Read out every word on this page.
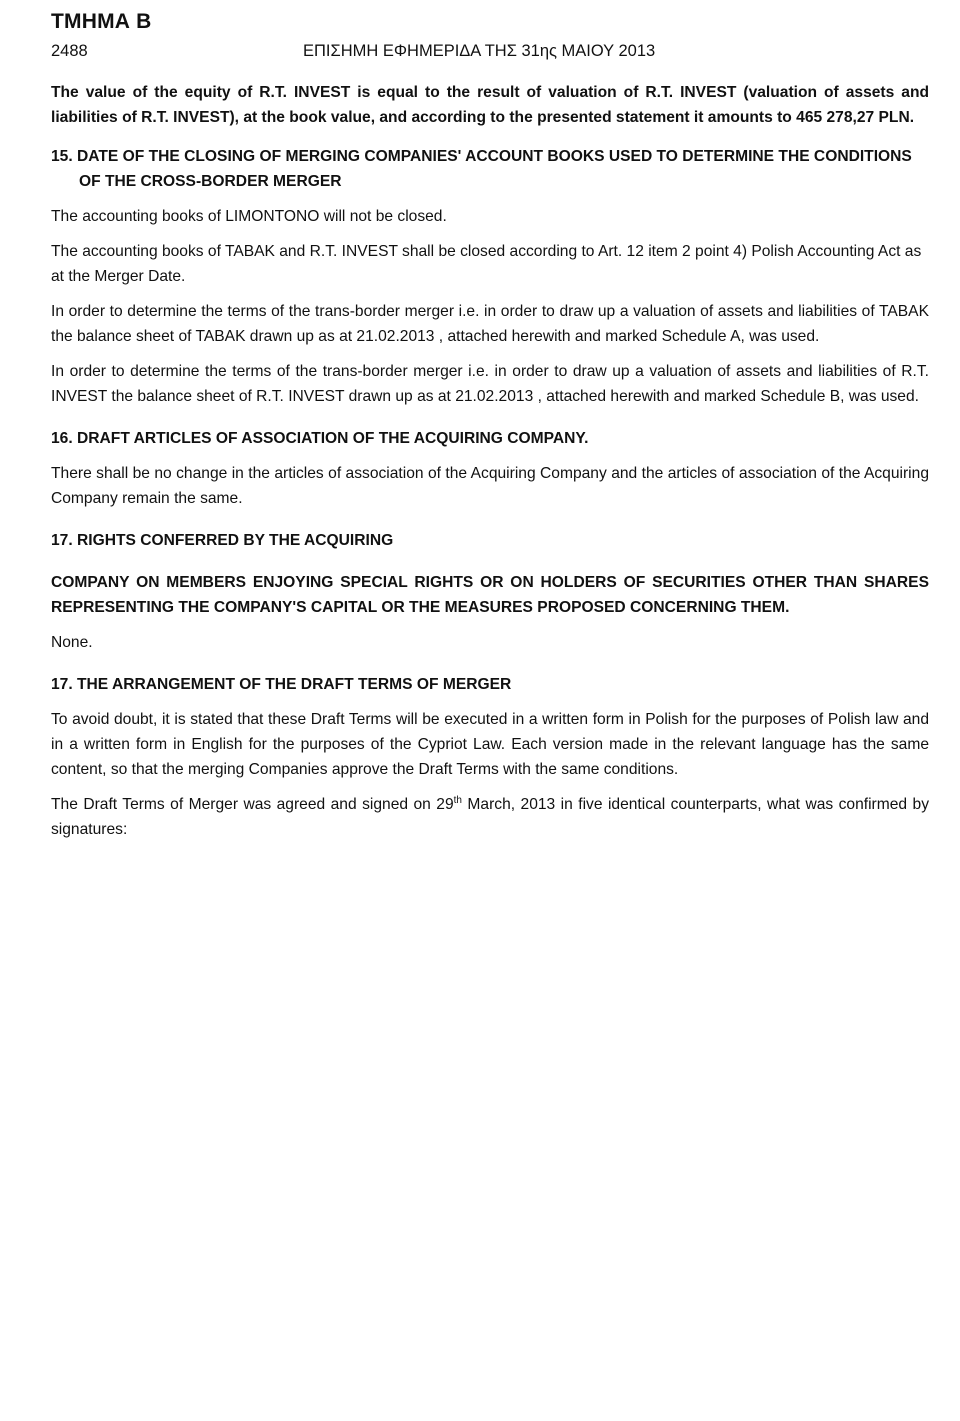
ΤΜΗΜΑ B
2488	ΕΠΙΣΗΜΗ ΕΦΗΜΕΡΙΔΑ ΤΗΣ 31ης ΜΑΙΟΥ 2013

The value of the equity of R.T. INVEST is equal to the result of valuation of R.T. INVEST (valuation of assets and liabilities of R.T. INVEST), at the book value, and according to the presented statement it amounts to 465 278,27 PLN.

15. DATE OF THE CLOSING OF MERGING COMPANIES' ACCOUNT BOOKS USED TO DETERMINE THE CONDITIONS OF THE CROSS-BORDER MERGER

The accounting books of LIMONTONO will not be closed.

The accounting books of TABAK and R.T. INVEST shall be closed according to Art. 12 item 2 point 4) Polish Accounting Act as at the Merger Date.

In order to determine the terms of the trans-border merger i.e. in order to draw up a valuation of assets and liabilities of TABAK the balance sheet of TABAK drawn up as at 21.02.2013 , attached herewith and marked Schedule A, was used.

In order to determine the terms of the trans-border merger i.e. in order to draw up a valuation of assets and liabilities of R.T. INVEST the balance sheet of R.T. INVEST drawn up as at 21.02.2013 , attached herewith and marked Schedule B, was used.

16. DRAFT ARTICLES OF ASSOCIATION OF THE ACQUIRING COMPANY.

There shall be no change in the articles of association of the Acquiring Company and the articles of association of the Acquiring Company remain the same.

17. RIGHTS CONFERRED BY THE ACQUIRING

COMPANY ON MEMBERS ENJOYING SPECIAL RIGHTS OR ON HOLDERS OF SECURITIES OTHER THAN SHARES REPRESENTING THE COMPANY'S CAPITAL OR THE MEASURES PROPOSED CONCERNING THEM.

None.

17. THE ARRANGEMENT OF THE DRAFT TERMS OF MERGER

To avoid doubt, it is stated that these Draft Terms will be executed in a written form in Polish for the purposes of Polish law and in a written form in English for the purposes of the Cypriot Law. Each version made in the relevant language has the same content, so that the merging Companies approve the Draft Terms with the same conditions.

The Draft Terms of Merger was agreed and signed on 29th March, 2013 in five identical counterparts, what was confirmed by signatures:
